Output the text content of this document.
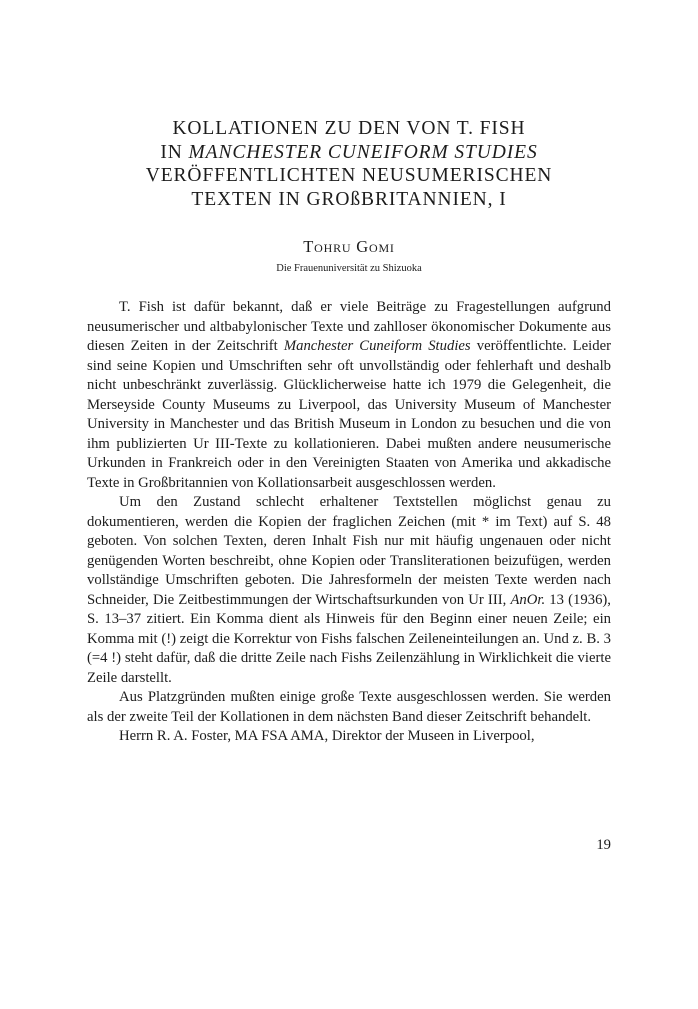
KOLLATIONEN ZU DEN VON T. FISH
IN MANCHESTER CUNEIFORM STUDIES
VERÖFFENTLICHTEN NEUSUMERISCHEN
TEXTEN IN GROßBRITANNIEN, I
Tohru Gomi
Die Frauenuniversität zu Shizuoka

T. Fish ist dafür bekannt, daß er viele Beiträge zu Fragestellungen aufgrund neusumerischer und altbabylonischer Texte und zahlloser ökonomischer Dokumente aus diesen Zeiten in der Zeitschrift Manchester Cuneiform Studies veröffentlichte. Leider sind seine Kopien und Umschriften sehr oft unvollständig oder fehlerhaft und deshalb nicht unbeschränkt zuverlässig. Glücklicherweise hatte ich 1979 die Gelegenheit, die Merseyside County Museums zu Liverpool, das University Museum of Manchester University in Manchester und das British Museum in London zu besuchen und die von ihm publizierten Ur III-Texte zu kollationieren. Dabei mußten andere neusumerische Urkunden in Frankreich oder in den Vereinigten Staaten von Amerika und akkadische Texte in Großbritannien von Kollationsarbeit ausgeschlossen werden.

Um den Zustand schlecht erhaltener Textstellen möglichst genau zu dokumentieren, werden die Kopien der fraglichen Zeichen (mit * im Text) auf S. 48 geboten. Von solchen Texten, deren Inhalt Fish nur mit häufig ungenauen oder nicht genügenden Worten beschreibt, ohne Kopien oder Transliterationen beizufügen, werden vollständige Umschriften geboten. Die Jahresformeln der meisten Texte werden nach Schneider, Die Zeitbestimmungen der Wirtschaftsurkunden von Ur III, AnOr. 13 (1936), S. 13–37 zitiert. Ein Komma dient als Hinweis für den Beginn einer neuen Zeile; ein Komma mit (!) zeigt die Korrektur von Fishs falschen Zeileneinteilungen an. Und z. B. 3 (=4 !) steht dafür, daß die dritte Zeile nach Fishs Zeilenzählung in Wirklichkeit die vierte Zeile darstellt.

Aus Platzgründen mußten einige große Texte ausgeschlossen werden. Sie werden als der zweite Teil der Kollationen in dem nächsten Band dieser Zeitschrift behandelt.

Herrn R. A. Foster, MA FSA AMA, Direktor der Museen in Liverpool,

19
